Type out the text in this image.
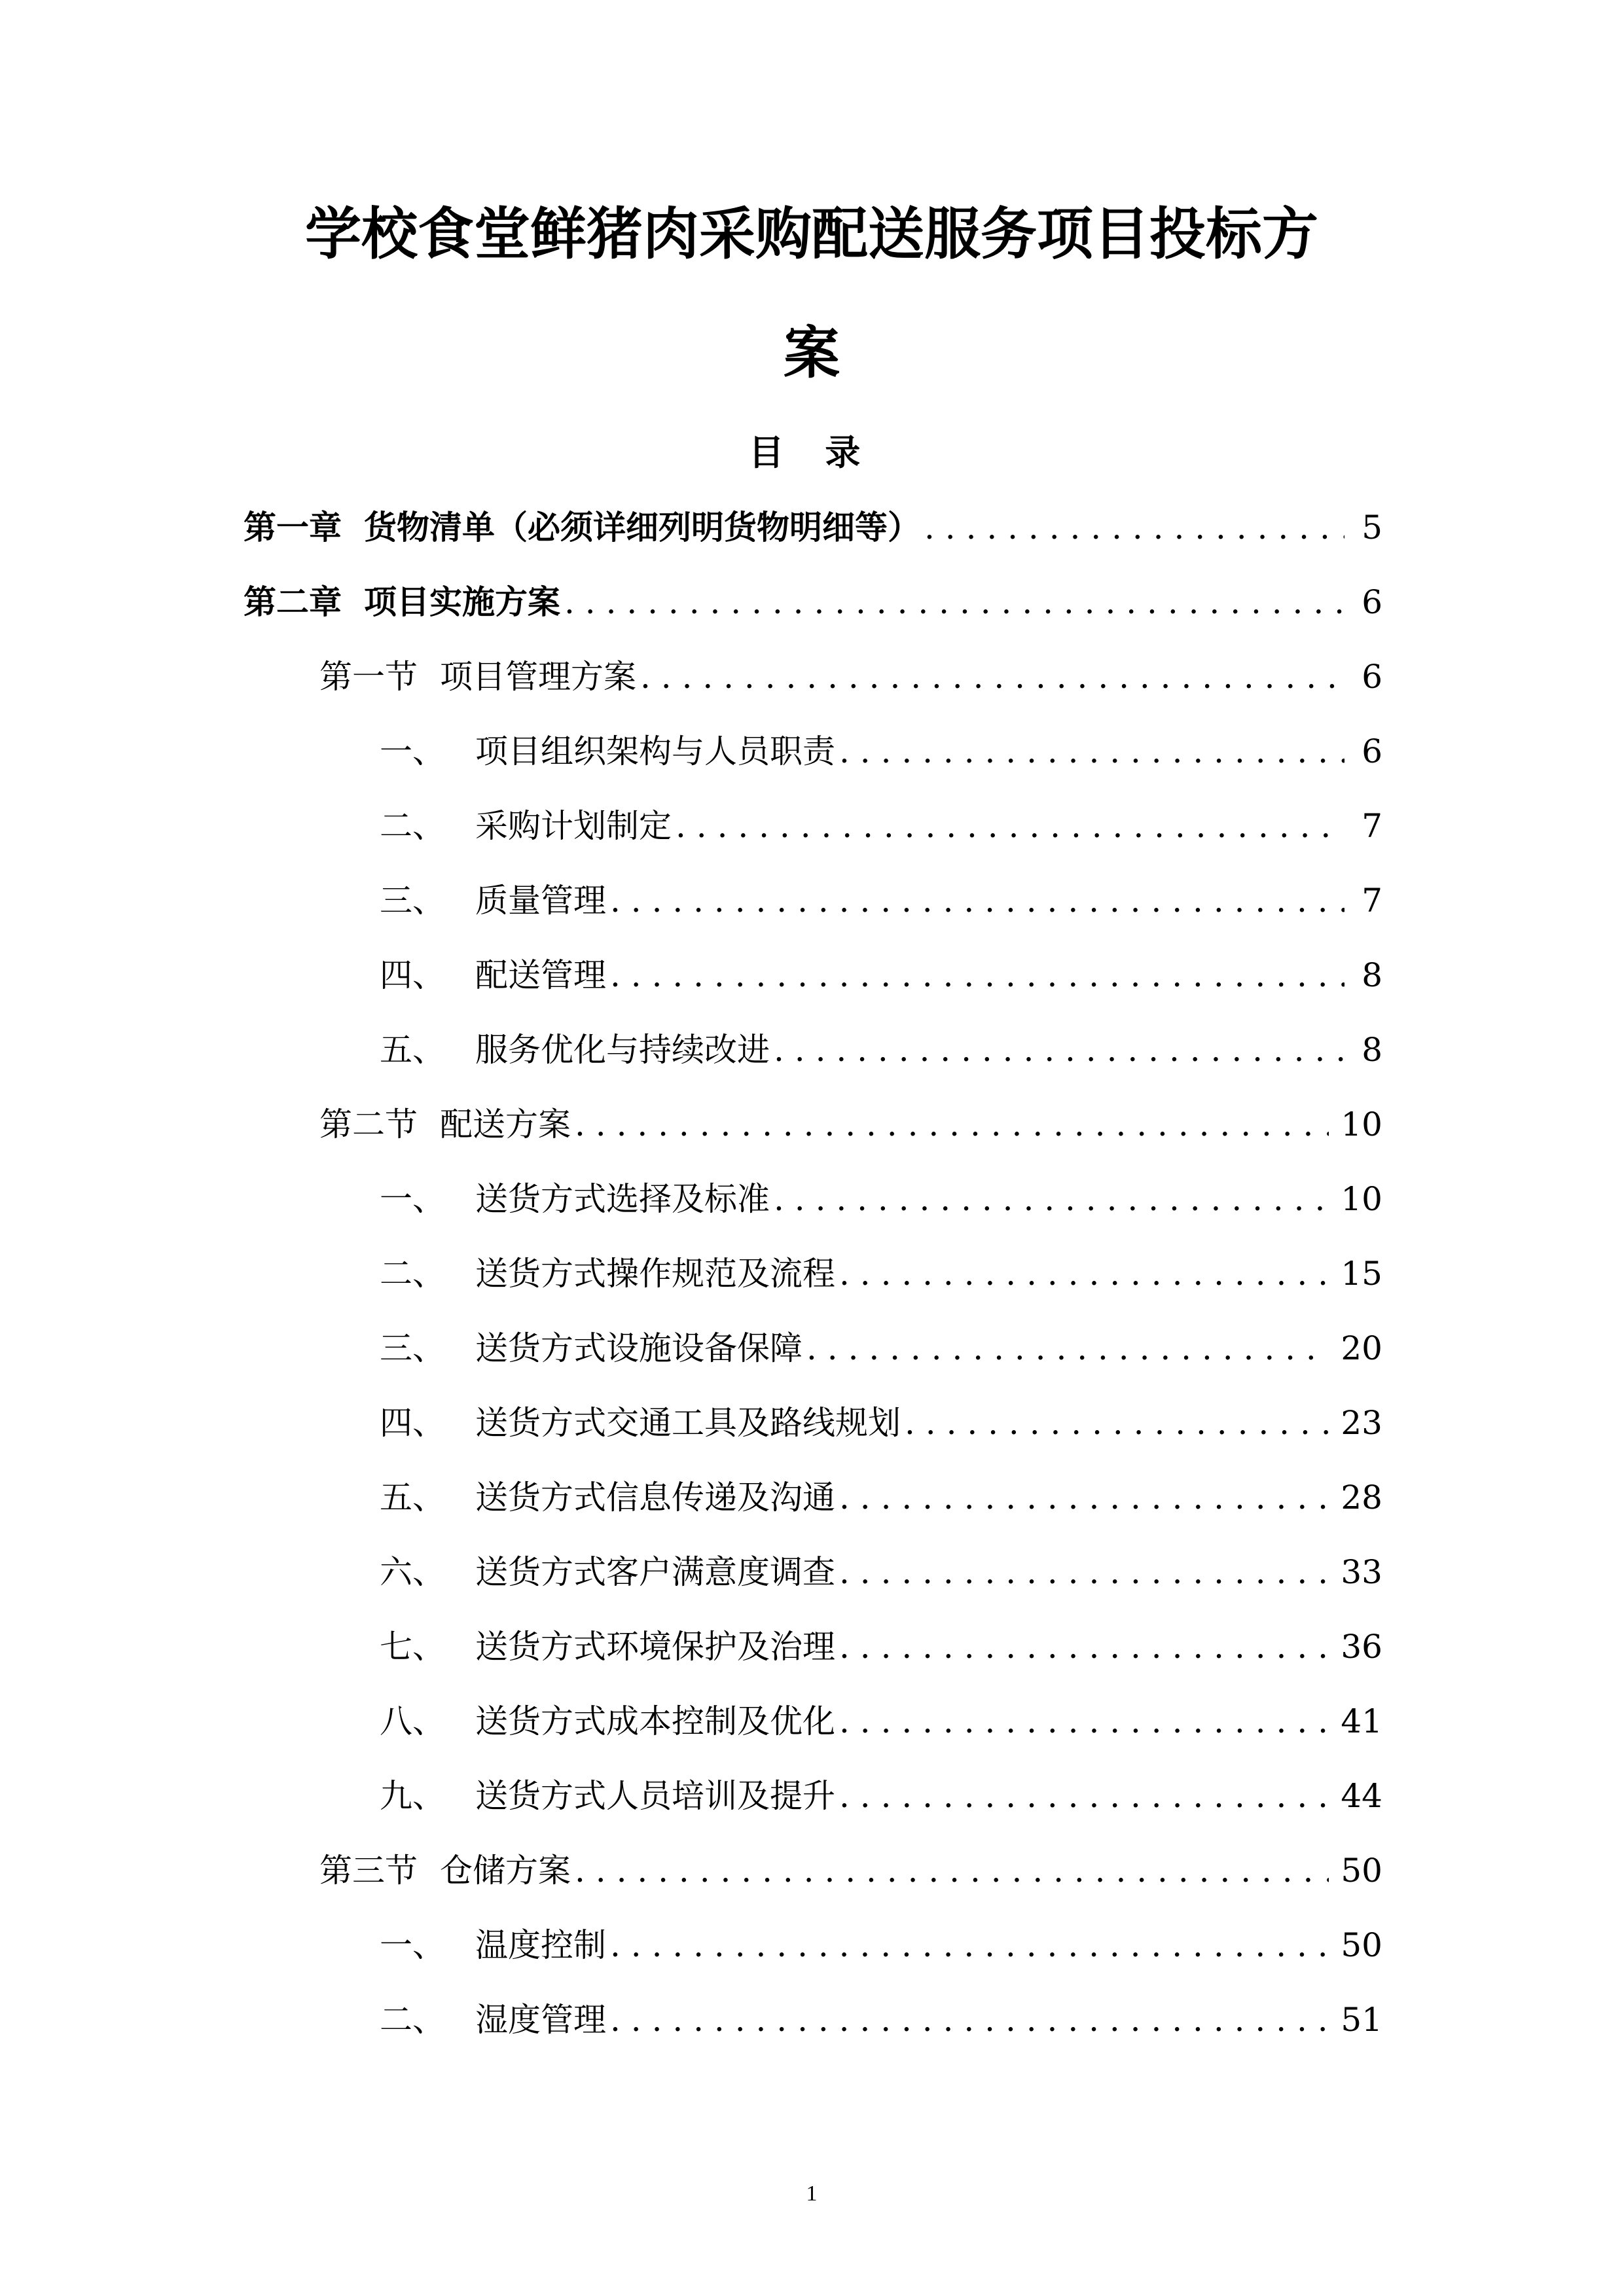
学校食堂鲜猪肉采购配送服务项目投标方
案
目 录
第一章 货物清单（必须详细列明货物明细等） . . .	5
第二章 项目实施方案 . . .	6
第一节 项目管理方案 . . .	6
一、 项目组织架构与人员职责 . . .	6
二、 采购计划制定 . . .	7
三、 质量管理 . . .	7
四、 配送管理 . . .	8
五、 服务优化与持续改进 . . .	8
第二节 配送方案 . . .	10
一、 送货方式选择及标准 . . .	10
二、 送货方式操作规范及流程 . . .	15
三、 送货方式设施设备保障 . . .	20
四、 送货方式交通工具及路线规划 . . .	23
五、 送货方式信息传递及沟通 . . .	28
六、 送货方式客户满意度调查 . . .	33
七、 送货方式环境保护及治理 . . .	36
八、 送货方式成本控制及优化 . . .	41
九、 送货方式人员培训及提升 . . .	44
第三节 仓储方案 . . .	50
一、 温度控制 . . .	50
二、 湿度管理 . . .	51
1
